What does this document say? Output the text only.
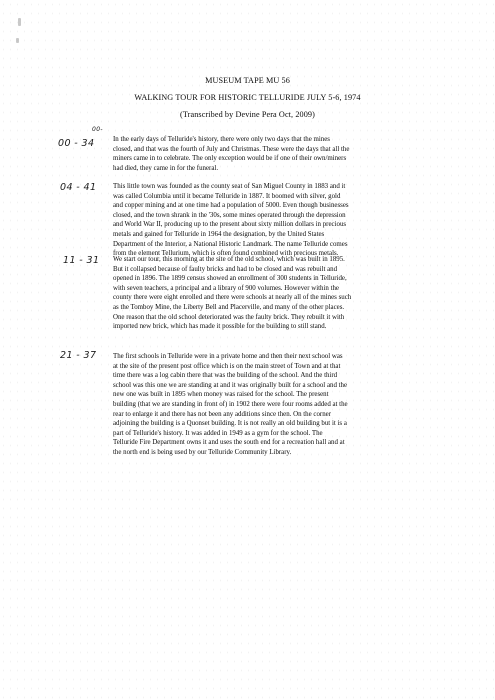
MUSEUM TAPE MU 56
WALKING TOUR FOR HISTORIC TELLURIDE JULY 5-6, 1974
(Transcribed by Devine Pera Oct, 2009)
00-
00 - 34
04 - 41
11 - 31
21 - 37
In the early days of Telluride's history, there were only two days that the mines
closed, and that was the fourth of July and Christmas. These were the days that all the
miners came in to celebrate. The only exception would be if one of their own/miners
had died, they came in for the funeral.
This little town was founded as the county seat of San Miguel County in 1883 and it
was called Columbia until it became Telluride in 1887. It boomed with silver, gold
and copper mining and at one time had a population of 5000. Even though businesses
closed, and the town shrank in the '30s, some mines operated through the depression
and World War II, producing up to the present about sixty million dollars in precious
metals and gained for Telluride in 1964 the designation, by the United States
Department of the Interior, a National Historic Landmark. The name Telluride comes
from the element Tellurium, which is often found combined with precious metals.
We start our tour, this morning at the site of the old school, which was built in 1895.
But it collapsed because of faulty bricks and had to be closed and was rebuilt and
opened in 1896. The 1899 census showed an enrollment of 300 students in Telluride,
with seven teachers, a principal and a library of 900 volumes. However within the
county there were eight enrolled and there were schools at nearly all of the mines such
as the Tomboy Mine, the Liberty Bell and Placerville, and many of the other places.
One reason that the old school deteriorated was the faulty brick. They rebuilt it with
imported new brick, which has made it possible for the building to still stand.
The first schools in Telluride were in a private home and then their next school was
at the site of the present post office which is on the main street of Town and at that
time there was a log cabin there that was the building of the school. And the third
school was this one we are standing at and it was originally built for a school and the
new one was built in 1895 when money was raised for the school. The present
building (that we are standing in front of) in 1902 there were four rooms added at the
rear to enlarge it and there has not been any additions since then. On the corner
adjoining the building is a Quonset building. It is not really an old building but it is a
part of Telluride's history. It was added in 1949 as a gym for the school. The
Telluride Fire Department owns it and uses the south end for a recreation hall and at
the north end is being used by our Telluride Community Library.
